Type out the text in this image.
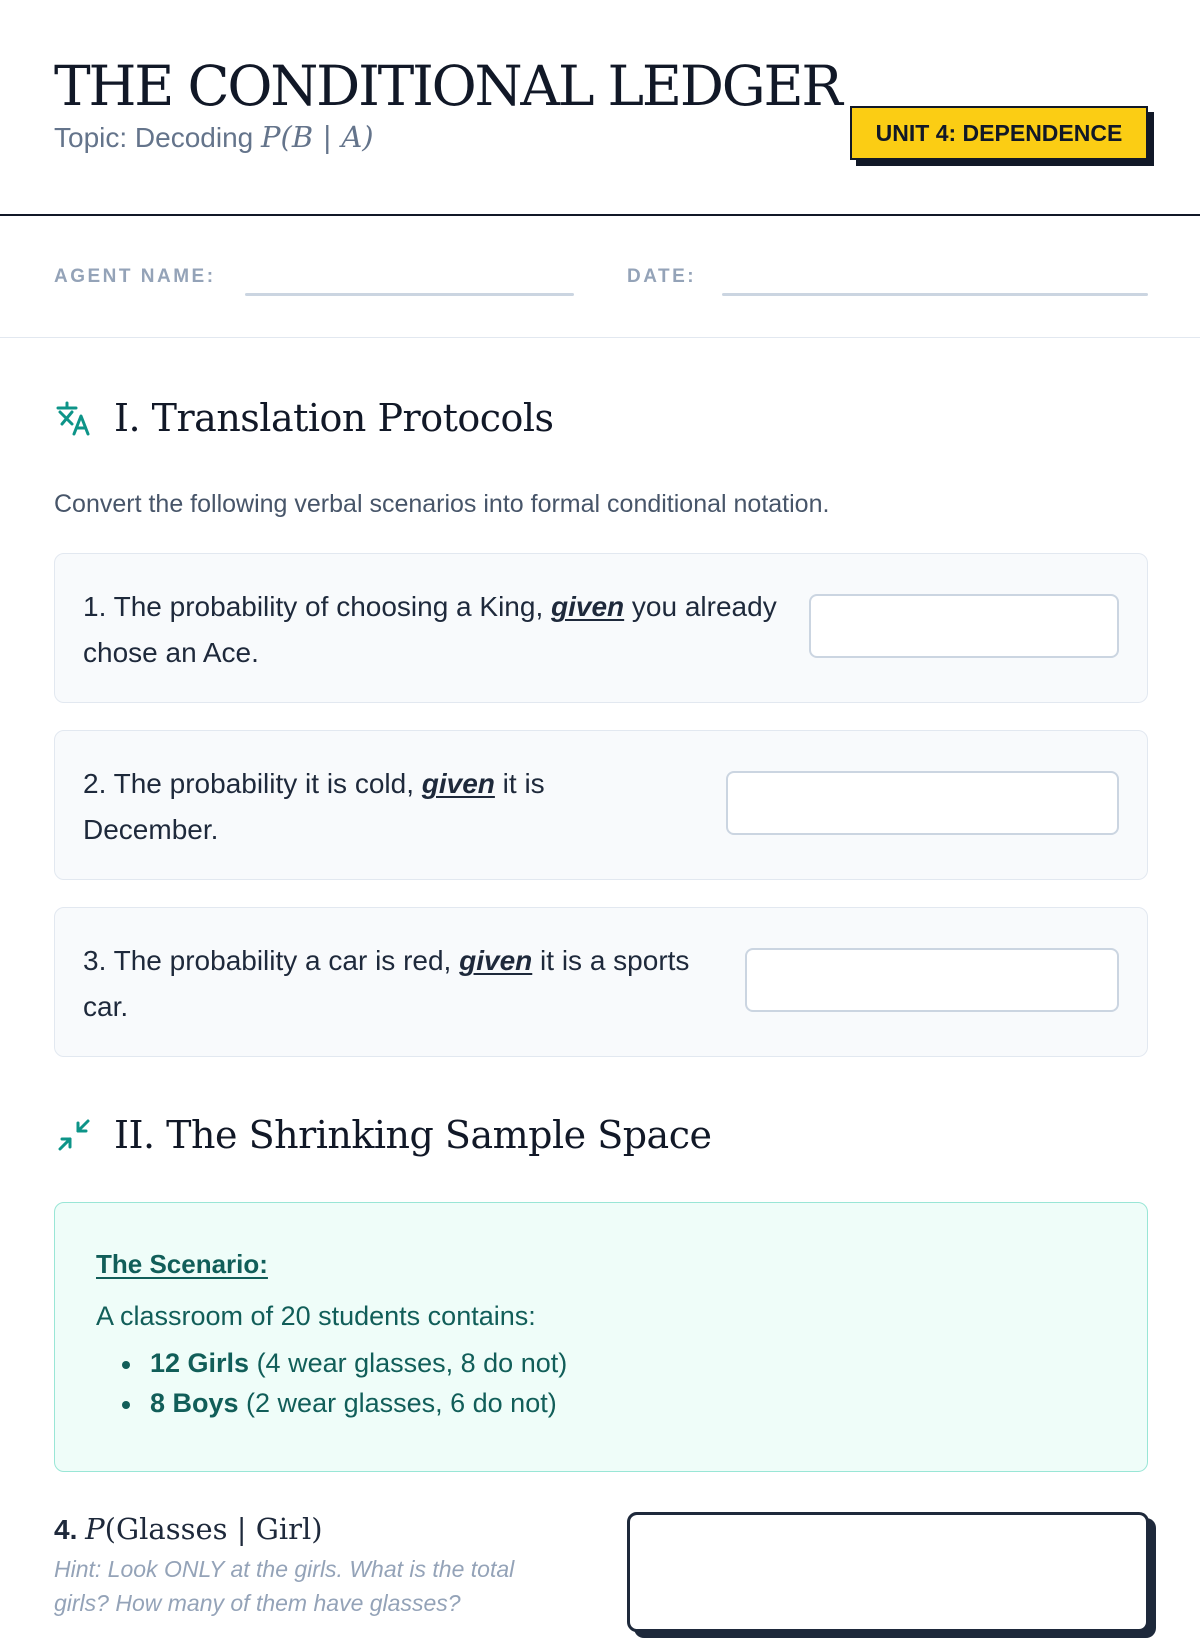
THE CONDITIONAL LEDGER
Topic: Decoding P(B | A)	UNIT 4: DEPENDENCE
AGENT NAME:	DATE:
I. Translation Protocols

Convert the following verbal scenarios into formal conditional notation.

1. The probability of choosing a King, given you already chose an Ace.

2. The probability it is cold, given it is December.

3. The probability a car is red, given it is a sports car.

II. The Shrinking Sample Space
The Scenario:
A classroom of 20 students contains:
12 Girls (4 wear glasses, 8 do not)
8 Boys (2 wear glasses, 6 do not)
4. P(Glasses | Girl)

Hint: Look ONLY at the girls. What is the total girls? How many of them have glasses?
